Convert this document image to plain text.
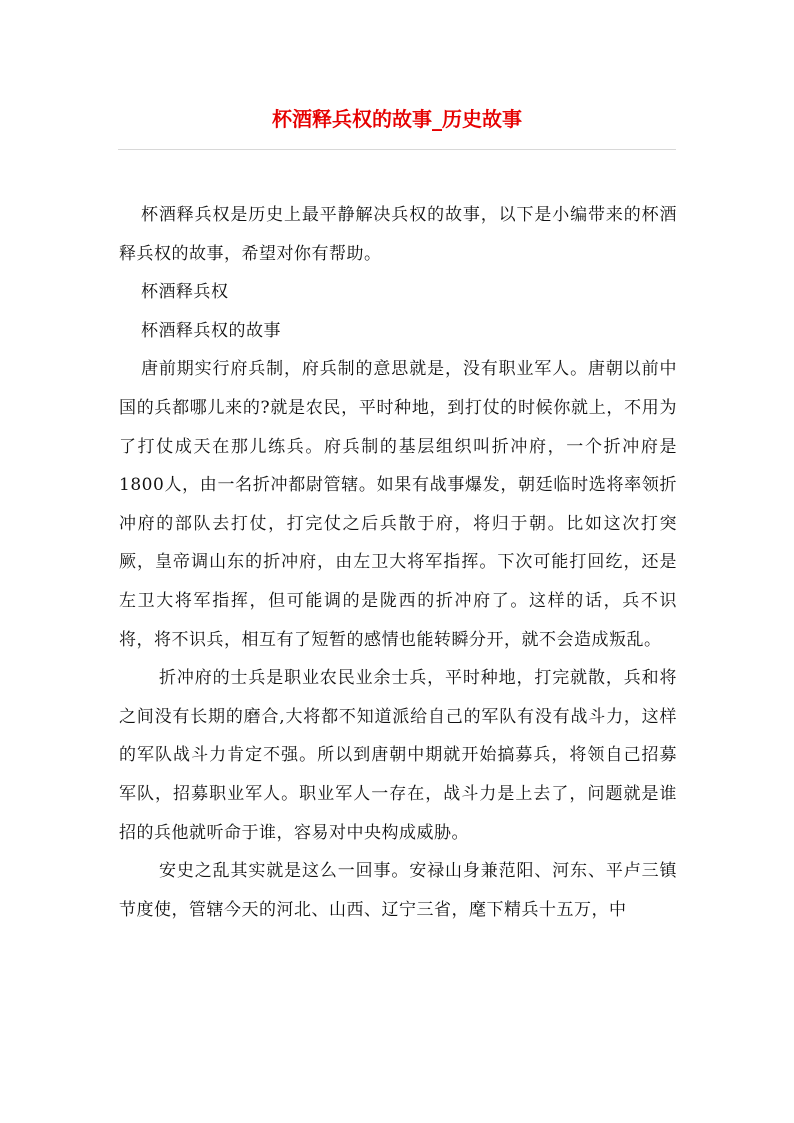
杯酒释兵权的故事_历史故事

杯酒释兵权是历史上最平静解决兵权的故事，以下是小编带来的杯酒释兵权的故事，希望对你有帮助。

杯酒释兵权

杯酒释兵权的故事

唐前期实行府兵制，府兵制的意思就是，没有职业军人。唐朝以前中国的兵都哪儿来的?就是农民，平时种地，到打仗的时候你就上，不用为了打仗成天在那儿练兵。府兵制的基层组织叫折冲府，一个折冲府是1800人，由一名折冲都尉管辖。如果有战事爆发，朝廷临时选将率领折冲府的部队去打仗，打完仗之后兵散于府，将归于朝。比如这次打突厥，皇帝调山东的折冲府，由左卫大将军指挥。下次可能打回纥，还是左卫大将军指挥，但可能调的是陇西的折冲府了。这样的话，兵不识将，将不识兵，相互有了短暂的感情也能转瞬分开，就不会造成叛乱。

折冲府的士兵是职业农民业余士兵，平时种地，打完就散，兵和将之间没有长期的磨合,大将都不知道派给自己的军队有没有战斗力，这样的军队战斗力肯定不强。所以到唐朝中期就开始搞募兵，将领自己招募军队，招募职业军人。职业军人一存在，战斗力是上去了，问题就是谁招的兵他就听命于谁，容易对中央构成威胁。

安史之乱其实就是这么一回事。安禄山身兼范阳、河东、平卢三镇节度使，管辖今天的河北、山西、辽宁三省，麾下精兵十五万，中
